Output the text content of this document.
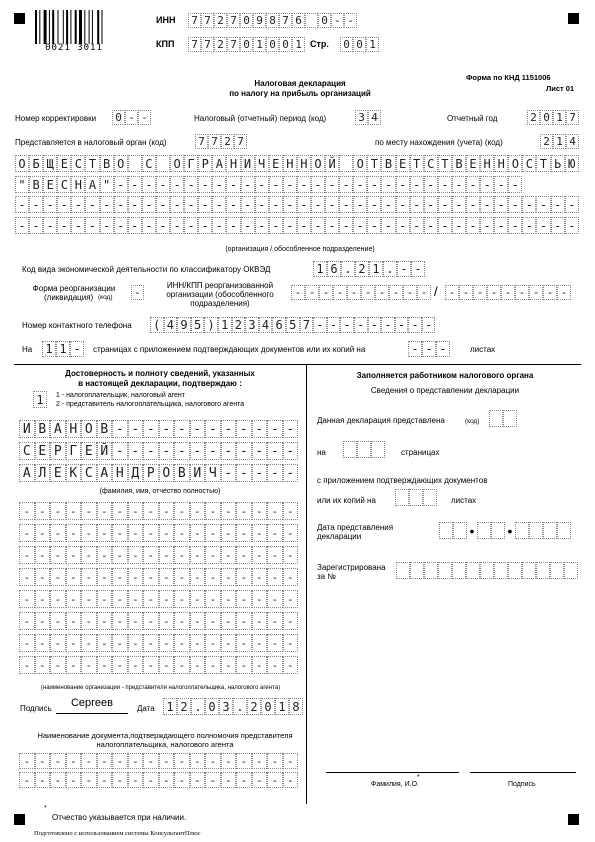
0021 3011
ИНН 7 7 2 7 0 9 8 7 6 0 - -
КПП 7 7 2 7 0 1 0 0 1 Стр. 0 0 1
Налоговая декларация
по налогу на прибыль организаций
Форма по КНД 1151006
Лист 01
Номер корректировки 0 - -	Налоговый (отчетный) период (код)	3 4	Отчетный год	2 0 1 7
Представляется в налоговый орган (код)	7 7 2 7	по месту нахождения (учета) (код)	2 1 4
О Б Щ Е С Т В О С О Г Р А Н И Ч Е Н Н О Й О Т В Е Т С Т В Е Н Н О С Т Ь Ю
" В Е С Н А " - - - - - - - - - - - - - - - - - - - - - - - - - - - - -
- - - - - - - - - - - - - - - - - - - - - - - - - - - - - - - - - - - - - - - -
- - - - - - - - - - - - - - - - - - - - - - - - - - - - - - - - - - - - - - - -
(организация / обособленное подразделение)
Код вида экономической деятельности по классификатору ОКВЭД	1 6 . 2 1 . - -
Форма реорганизации
(ликвидация) (код) -
ИНН/КПП реорганизованной
организации (обособленного
подразделения)
- - - - - - - - - - /	- - - - - - - - -
Номер контактного телефона ( 4 9 5 ) 1 2 3 4 6 5 7 - - - - - - - - -
На 1 1 -	страницах с приложением подтверждающих документов или их копий на	- - -	листах
Достоверность и полноту сведений, указанных
в настоящей декларации, подтверждаю :
1	1 - налогоплательщик, налоговый агент
2 - представитель налогоплательщика, налогового агента
И В А Н О В - - - - - - - - - - - -
С Е Р Г Е Й - - - - - - - - - - - -
А Л Е К С А Н Д Р О В И Ч - - - - -
(фамилия, имя, отчество полностью)
- - - - - - - - - - - - - - - - - -
- - - - - - - - - - - - - - - - - -
- - - - - - - - - - - - - - - - - -
- - - - - - - - - - - - - - - - - -
- - - - - - - - - - - - - - - - - -
- - - - - - - - - - - - - - - - - -
- - - - - - - - - - - - - - - - - -
- - - - - - - - - - - - - - - - - -
(наименование организации - представителя налогоплательщика, налогового агента)
Подпись	Сергеев	Дата 1 2 . 0 3 . 2 0 1 8
Наименование документа,подтверждающего полномочия представителя
налогоплательщика, налогового агента
- - - - - - - - - - - - - - - - - -
- - - - - - - - - - - - - - - - - -
Заполняется работником налогового органа
Сведения о представлении декларации
Данная декларация представлена	(код)
на	страницах
с приложением подтверждающих документов
или их копий на	листах
Дата представления
декларации	• •
Зарегистрирована
за №
Фамилия, И.О.
*
Подпись
*
Отчество указывается при наличии.
Подготовлено с использованием системы КонсультантПлюс
